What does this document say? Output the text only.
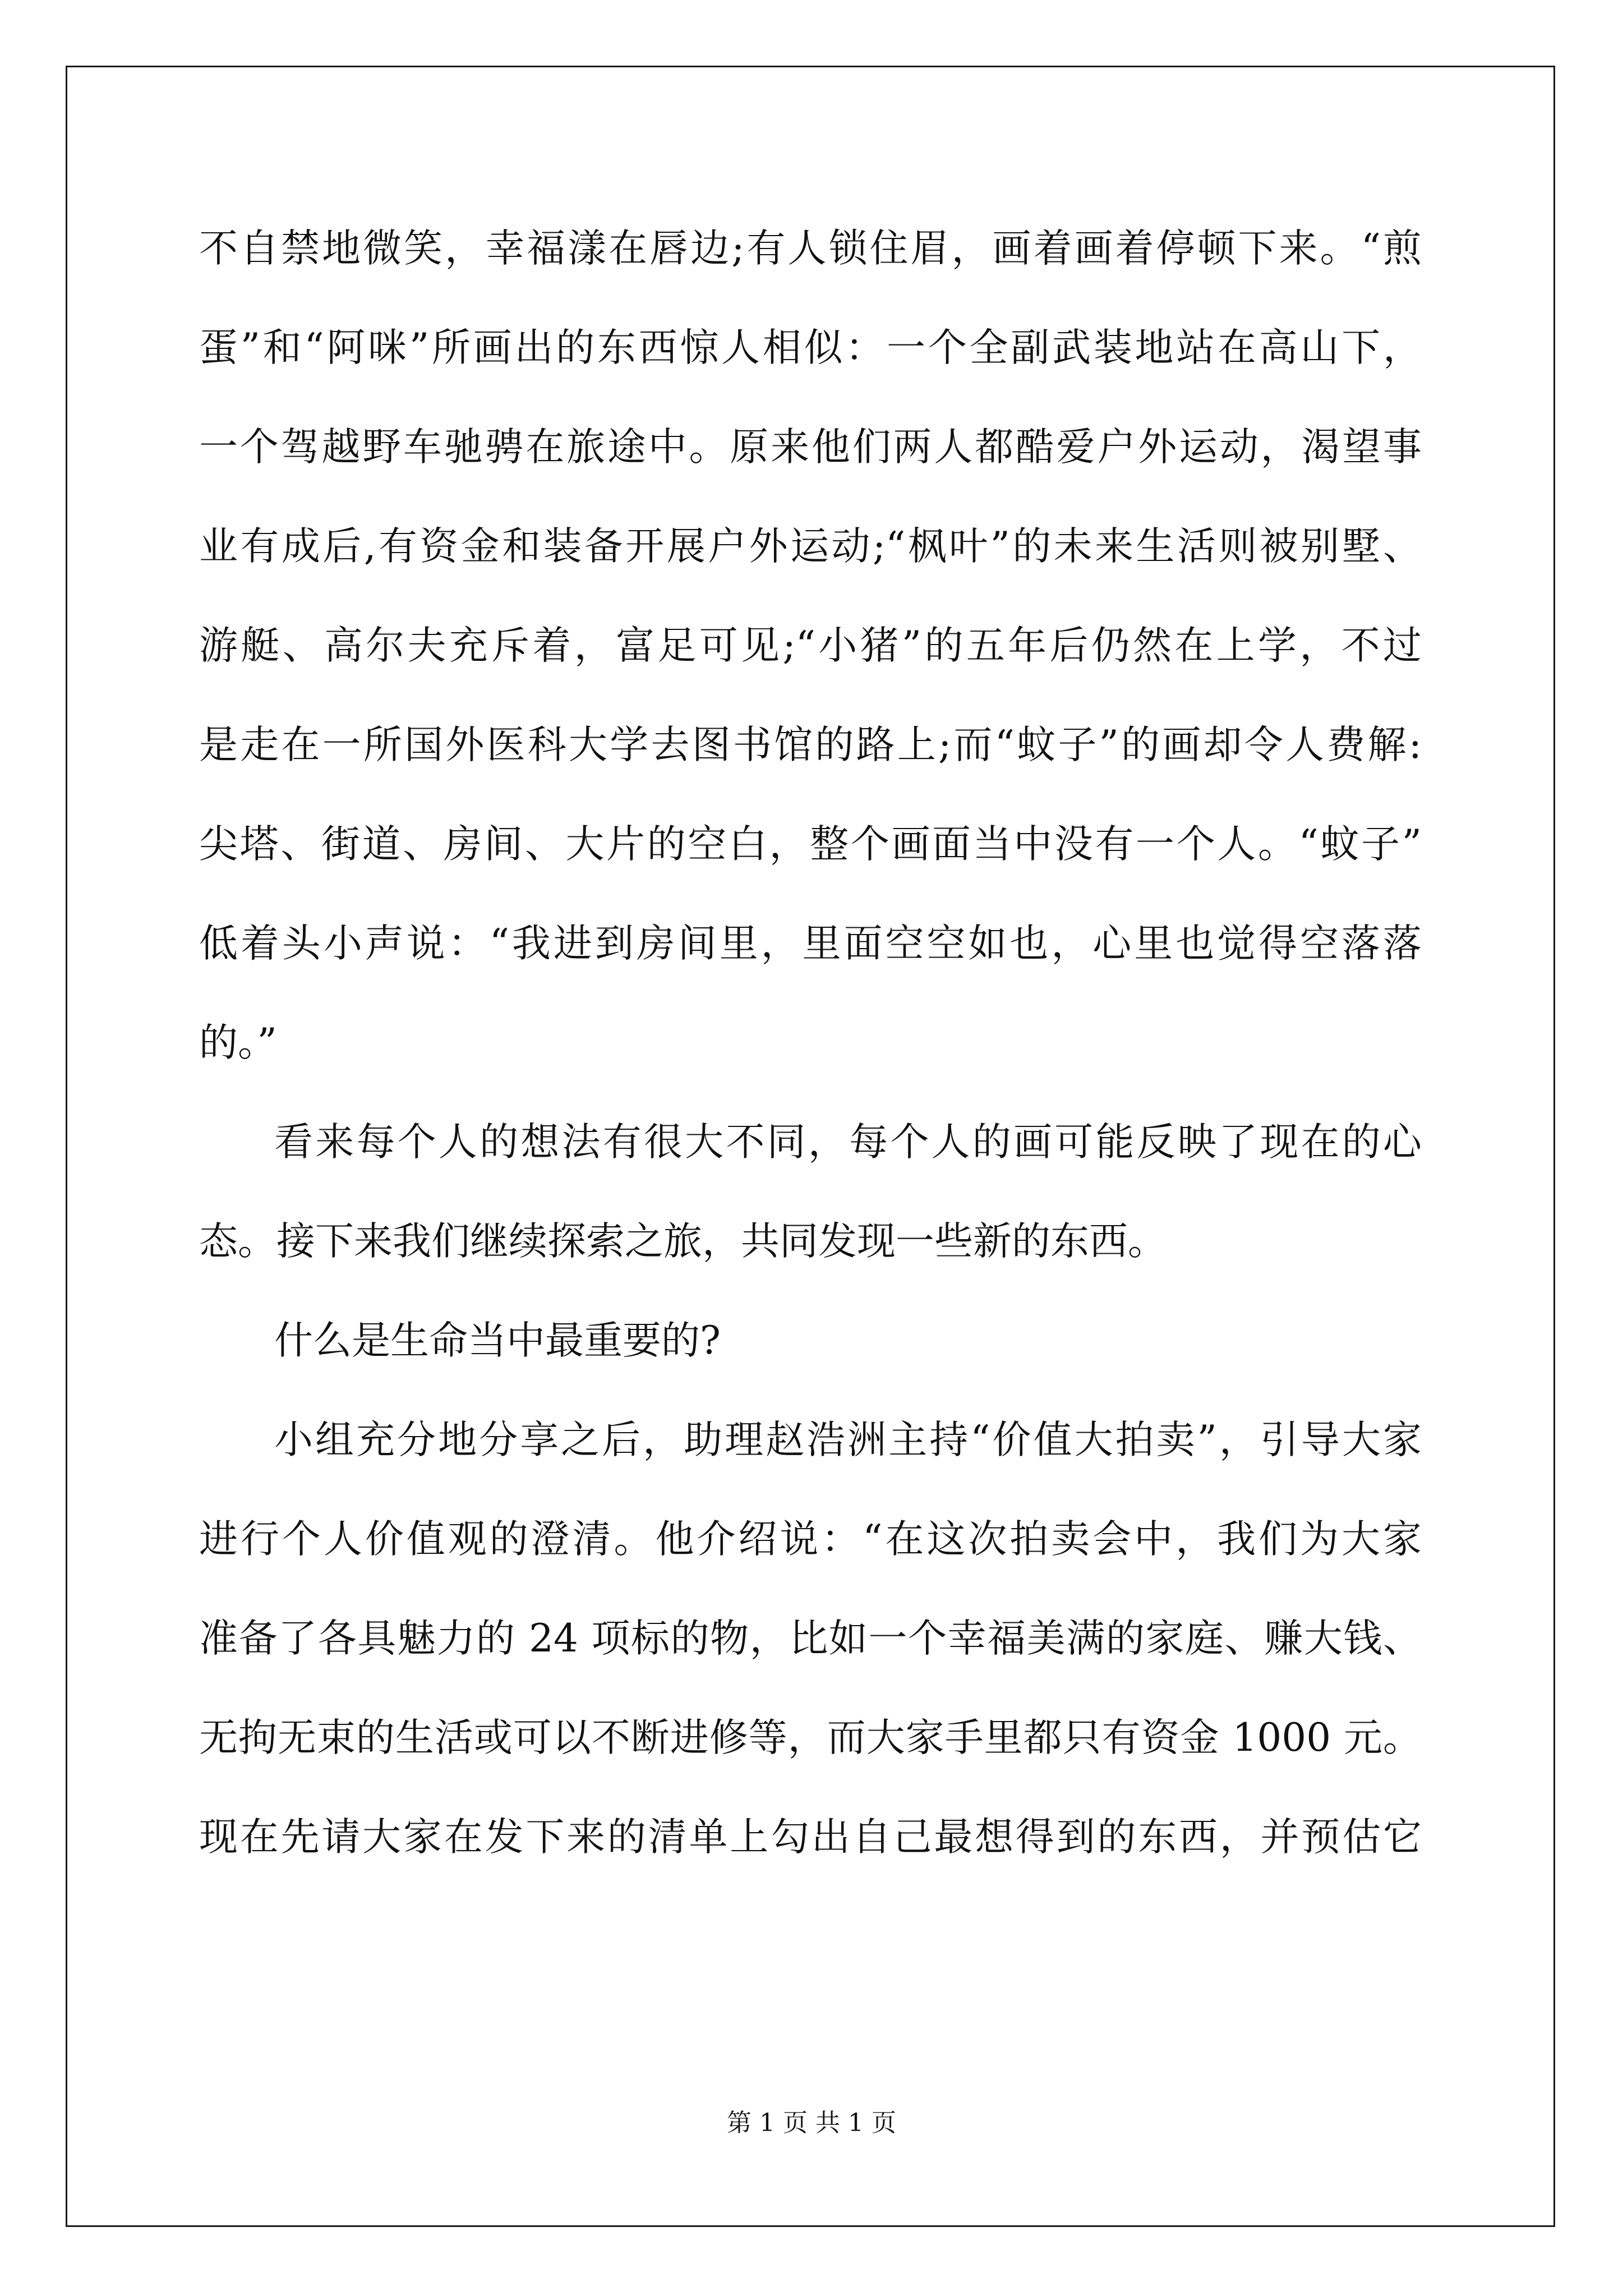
不自禁地微笑，幸福漾在唇边;有人锁住眉，画着画着停顿下来。“煎
蛋”和“阿咪”所画出的东西惊人相似：一个全副武装地站在高山下，
一个驾越野车驰骋在旅途中。原来他们两人都酷爱户外运动，渴望事
业有成后,有资金和装备开展户外运动;“枫叶”的未来生活则被别墅、
游艇、高尔夫充斥着，富足可见;“小猪”的五年后仍然在上学，不过
是走在一所国外医科大学去图书馆的路上;而“蚊子”的画却令人费解:
尖塔、街道、房间、大片的空白，整个画面当中没有一个人。“蚊子”
低着头小声说：“我进到房间里，里面空空如也，心里也觉得空落落
的。”
看来每个人的想法有很大不同，每个人的画可能反映了现在的心
态。接下来我们继续探索之旅，共同发现一些新的东西。
什么是生命当中最重要的?
小组充分地分享之后，助理赵浩洲主持“价值大拍卖”，引导大家
进行个人价值观的澄清。他介绍说：“在这次拍卖会中，我们为大家
准备了各具魅力的 24 项标的物，比如一个幸福美满的家庭、赚大钱、
无拘无束的生活或可以不断进修等，而大家手里都只有资金 1000 元。
现在先请大家在发下来的清单上勾出自己最想得到的东西，并预估它
第 1 页 共 1 页
